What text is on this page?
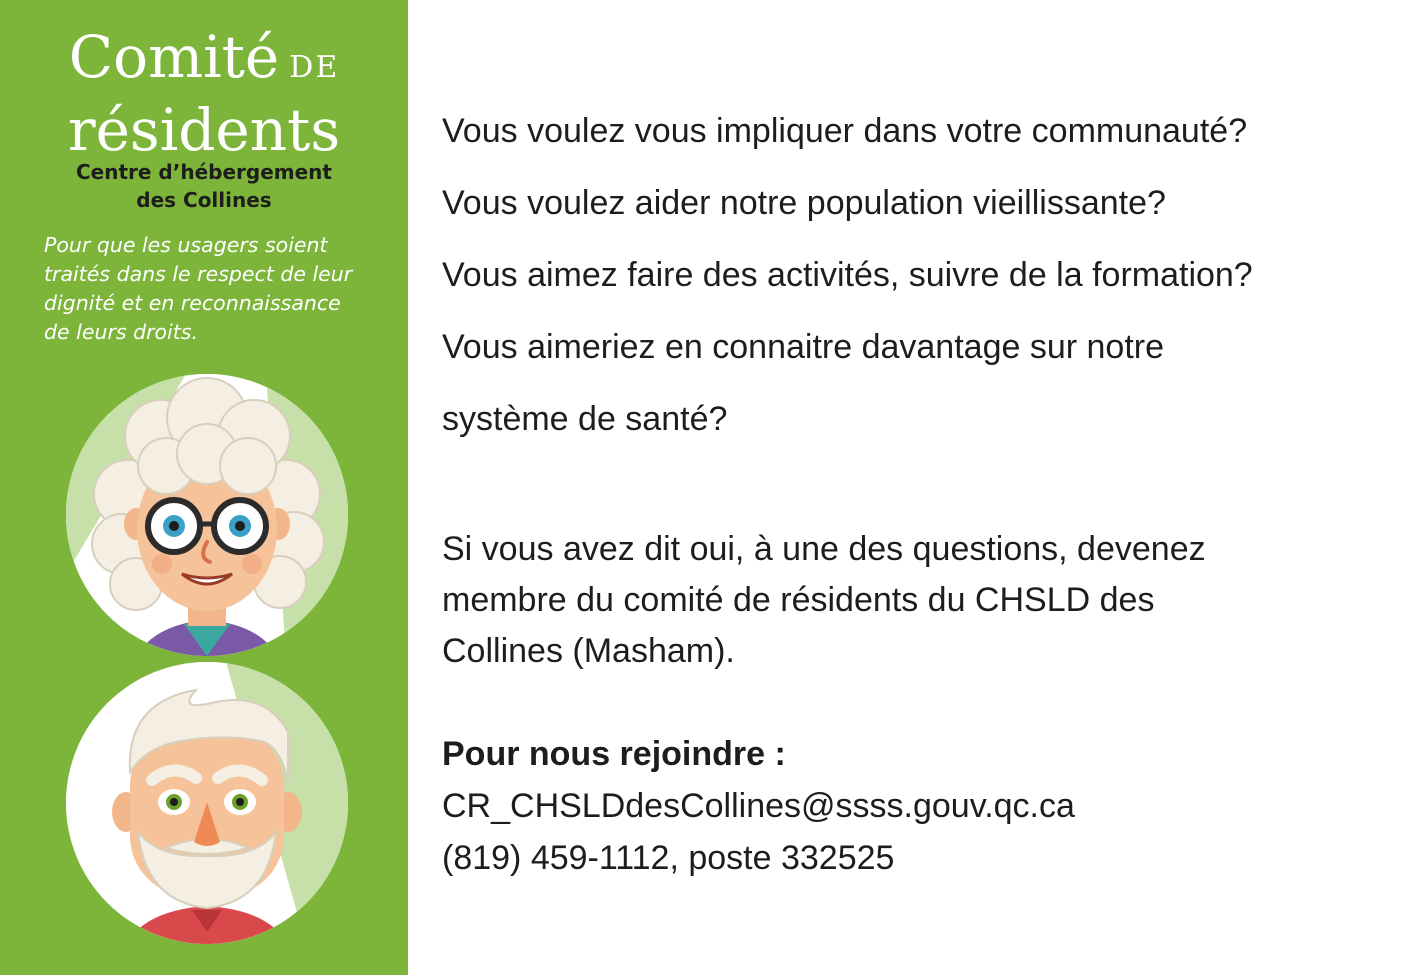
Comité DE
résidents
Centre d’hébergement
des Collines
Pour que les usagers soient
traités dans le respect de leur
dignité et en reconnaissance
de leurs droits.
Vous voulez vous impliquer dans votre communauté?
Vous voulez aider notre population vieillissante?
Vous aimez faire des activités, suivre de la formation?
Vous aimeriez en connaitre davantage sur notre
système de santé?
Si vous avez dit oui, à une des questions, devenez
membre du comité de résidents du CHSLD des
Collines (Masham).
Pour nous rejoindre :
CR_CHSLDdesCollines@ssss.gouv.qc.ca
(819) 459-1112, poste 332525
